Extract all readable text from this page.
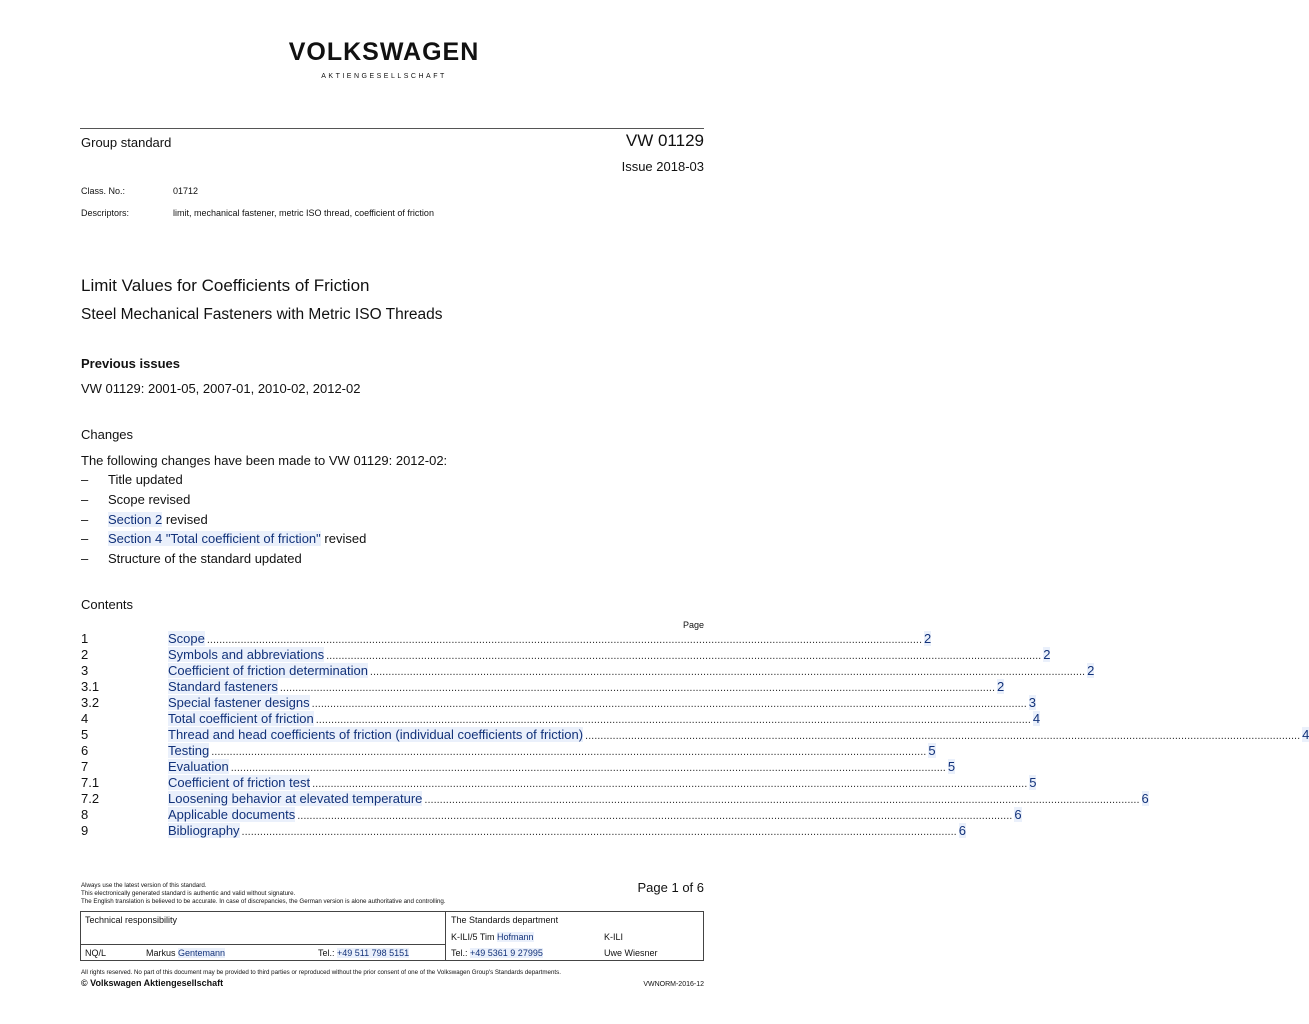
VOLKSWAGEN
AKTIENGESELLSCHAFT
Group standard	VW 01129
Issue 2018-03
Class. No.:	01712
Descriptors:	limit, mechanical fastener, metric ISO thread, coefficient of friction
Limit Values for Coefficients of Friction
Steel Mechanical Fasteners with Metric ISO Threads
Previous issues
VW 01129: 2001-05, 2007-01, 2010-02, 2012-02
Changes
The following changes have been made to VW 01129: 2012-02:
– Title updated
– Scope revised
– Section 2 revised
– Section 4 "Total coefficient of friction" revised
– Structure of the standard updated
Contents
Page
1	Scope .......................................................................................................................................................................................................................................... 2
2	Symbols and abbreviations .......................................................................................................................................................................................................................................... 2
3	Coefficient of friction determination .......................................................................................................................................................................................................................................... 2
3.1	Standard fasteners .......................................................................................................................................................................................................................................... 2
3.2	Special fastener designs .......................................................................................................................................................................................................................................... 3
4	Total coefficient of friction .......................................................................................................................................................................................................................................... 4
5	Thread and head coefficients of friction (individual coefficients of friction) .......................................................................................................................................................................................................................................... 4
6	Testing .......................................................................................................................................................................................................................................... 5
7	Evaluation .......................................................................................................................................................................................................................................... 5
7.1	Coefficient of friction test .......................................................................................................................................................................................................................................... 5
7.2	Loosening behavior at elevated temperature .......................................................................................................................................................................................................................................... 6
8	Applicable documents .......................................................................................................................................................................................................................................... 6
9	Bibliography .......................................................................................................................................................................................................................................... 6
Always use the latest version of this standard.
This electronically generated standard is authentic and valid without signature.
The English translation is believed to be accurate. In case of discrepancies, the German version is alone authoritative and controlling.
Page 1 of 6
Technical responsibility
NQ/L	Markus Gentemann	Tel.: +49 511 798 5151
The Standards department
K-ILI/5 Tim Hofmann	K-ILI
Tel.: +49 5361 9 27995	Uwe Wiesner
All rights reserved. No part of this document may be provided to third parties or reproduced without the prior consent of one of the Volkswagen Group's Standards departments.
© Volkswagen Aktiengesellschaft	VWNORM-2016-12
